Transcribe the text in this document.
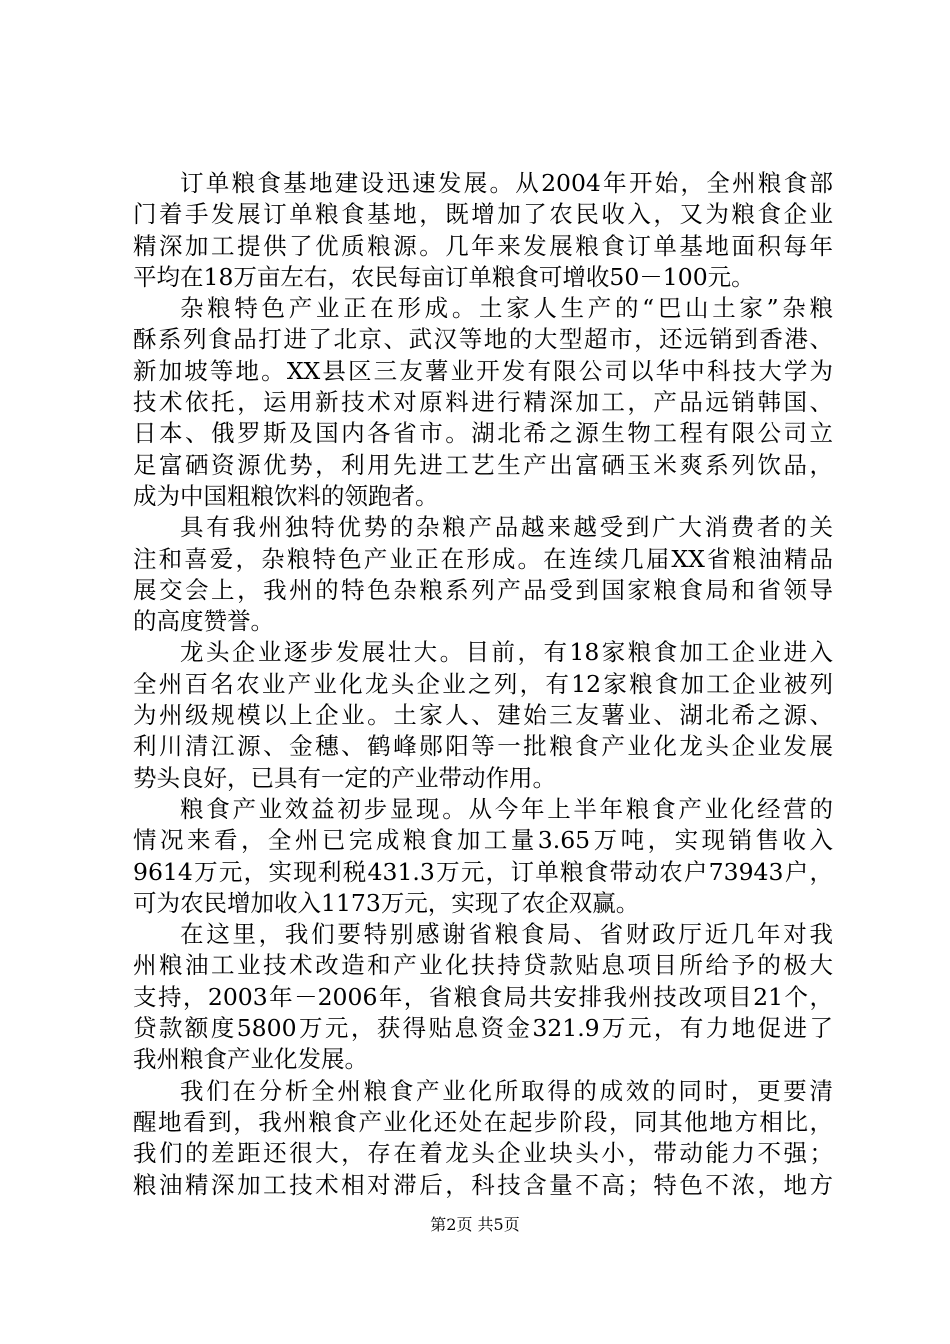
订单粮食基地建设迅速发展。从2004年开始，全州粮食部
门着手发展订单粮食基地，既增加了农民收入，又为粮食企业
精深加工提供了优质粮源。几年来发展粮食订单基地面积每年
平均在18万亩左右，农民每亩订单粮食可增收50－100元。
杂粮特色产业正在形成。土家人生产的“巴山土家”杂粮
酥系列食品打进了北京、武汉等地的大型超市，还远销到香港、
新加坡等地。XX县区三友薯业开发有限公司以华中科技大学为
技术依托，运用新技术对原料进行精深加工，产品远销韩国、
日本、俄罗斯及国内各省市。湖北希之源生物工程有限公司立
足富硒资源优势，利用先进工艺生产出富硒玉米爽系列饮品，
成为中国粗粮饮料的领跑者。
具有我州独特优势的杂粮产品越来越受到广大消费者的关
注和喜爱，杂粮特色产业正在形成。在连续几届XX省粮油精品
展交会上，我州的特色杂粮系列产品受到国家粮食局和省领导
的高度赞誉。
龙头企业逐步发展壮大。目前，有18家粮食加工企业进入
全州百名农业产业化龙头企业之列，有12家粮食加工企业被列
为州级规模以上企业。土家人、建始三友薯业、湖北希之源、
利川清江源、金穗、鹤峰郧阳等一批粮食产业化龙头企业发展
势头良好，已具有一定的产业带动作用。
粮食产业效益初步显现。从今年上半年粮食产业化经营的
情况来看，全州已完成粮食加工量3.65万吨，实现销售收入
9614万元，实现利税431.3万元，订单粮食带动农户73943户，
可为农民增加收入1173万元，实现了农企双赢。
在这里，我们要特别感谢省粮食局、省财政厅近几年对我
州粮油工业技术改造和产业化扶持贷款贴息项目所给予的极大
支持，2003年－2006年，省粮食局共安排我州技改项目21个，
贷款额度5800万元，获得贴息资金321.9万元，有力地促进了
我州粮食产业化发展。
我们在分析全州粮食产业化所取得的成效的同时，更要清
醒地看到，我州粮食产业化还处在起步阶段，同其他地方相比，
我们的差距还很大，存在着龙头企业块头小，带动能力不强；
粮油精深加工技术相对滞后，科技含量不高；特色不浓，地方
第2页 共5页
